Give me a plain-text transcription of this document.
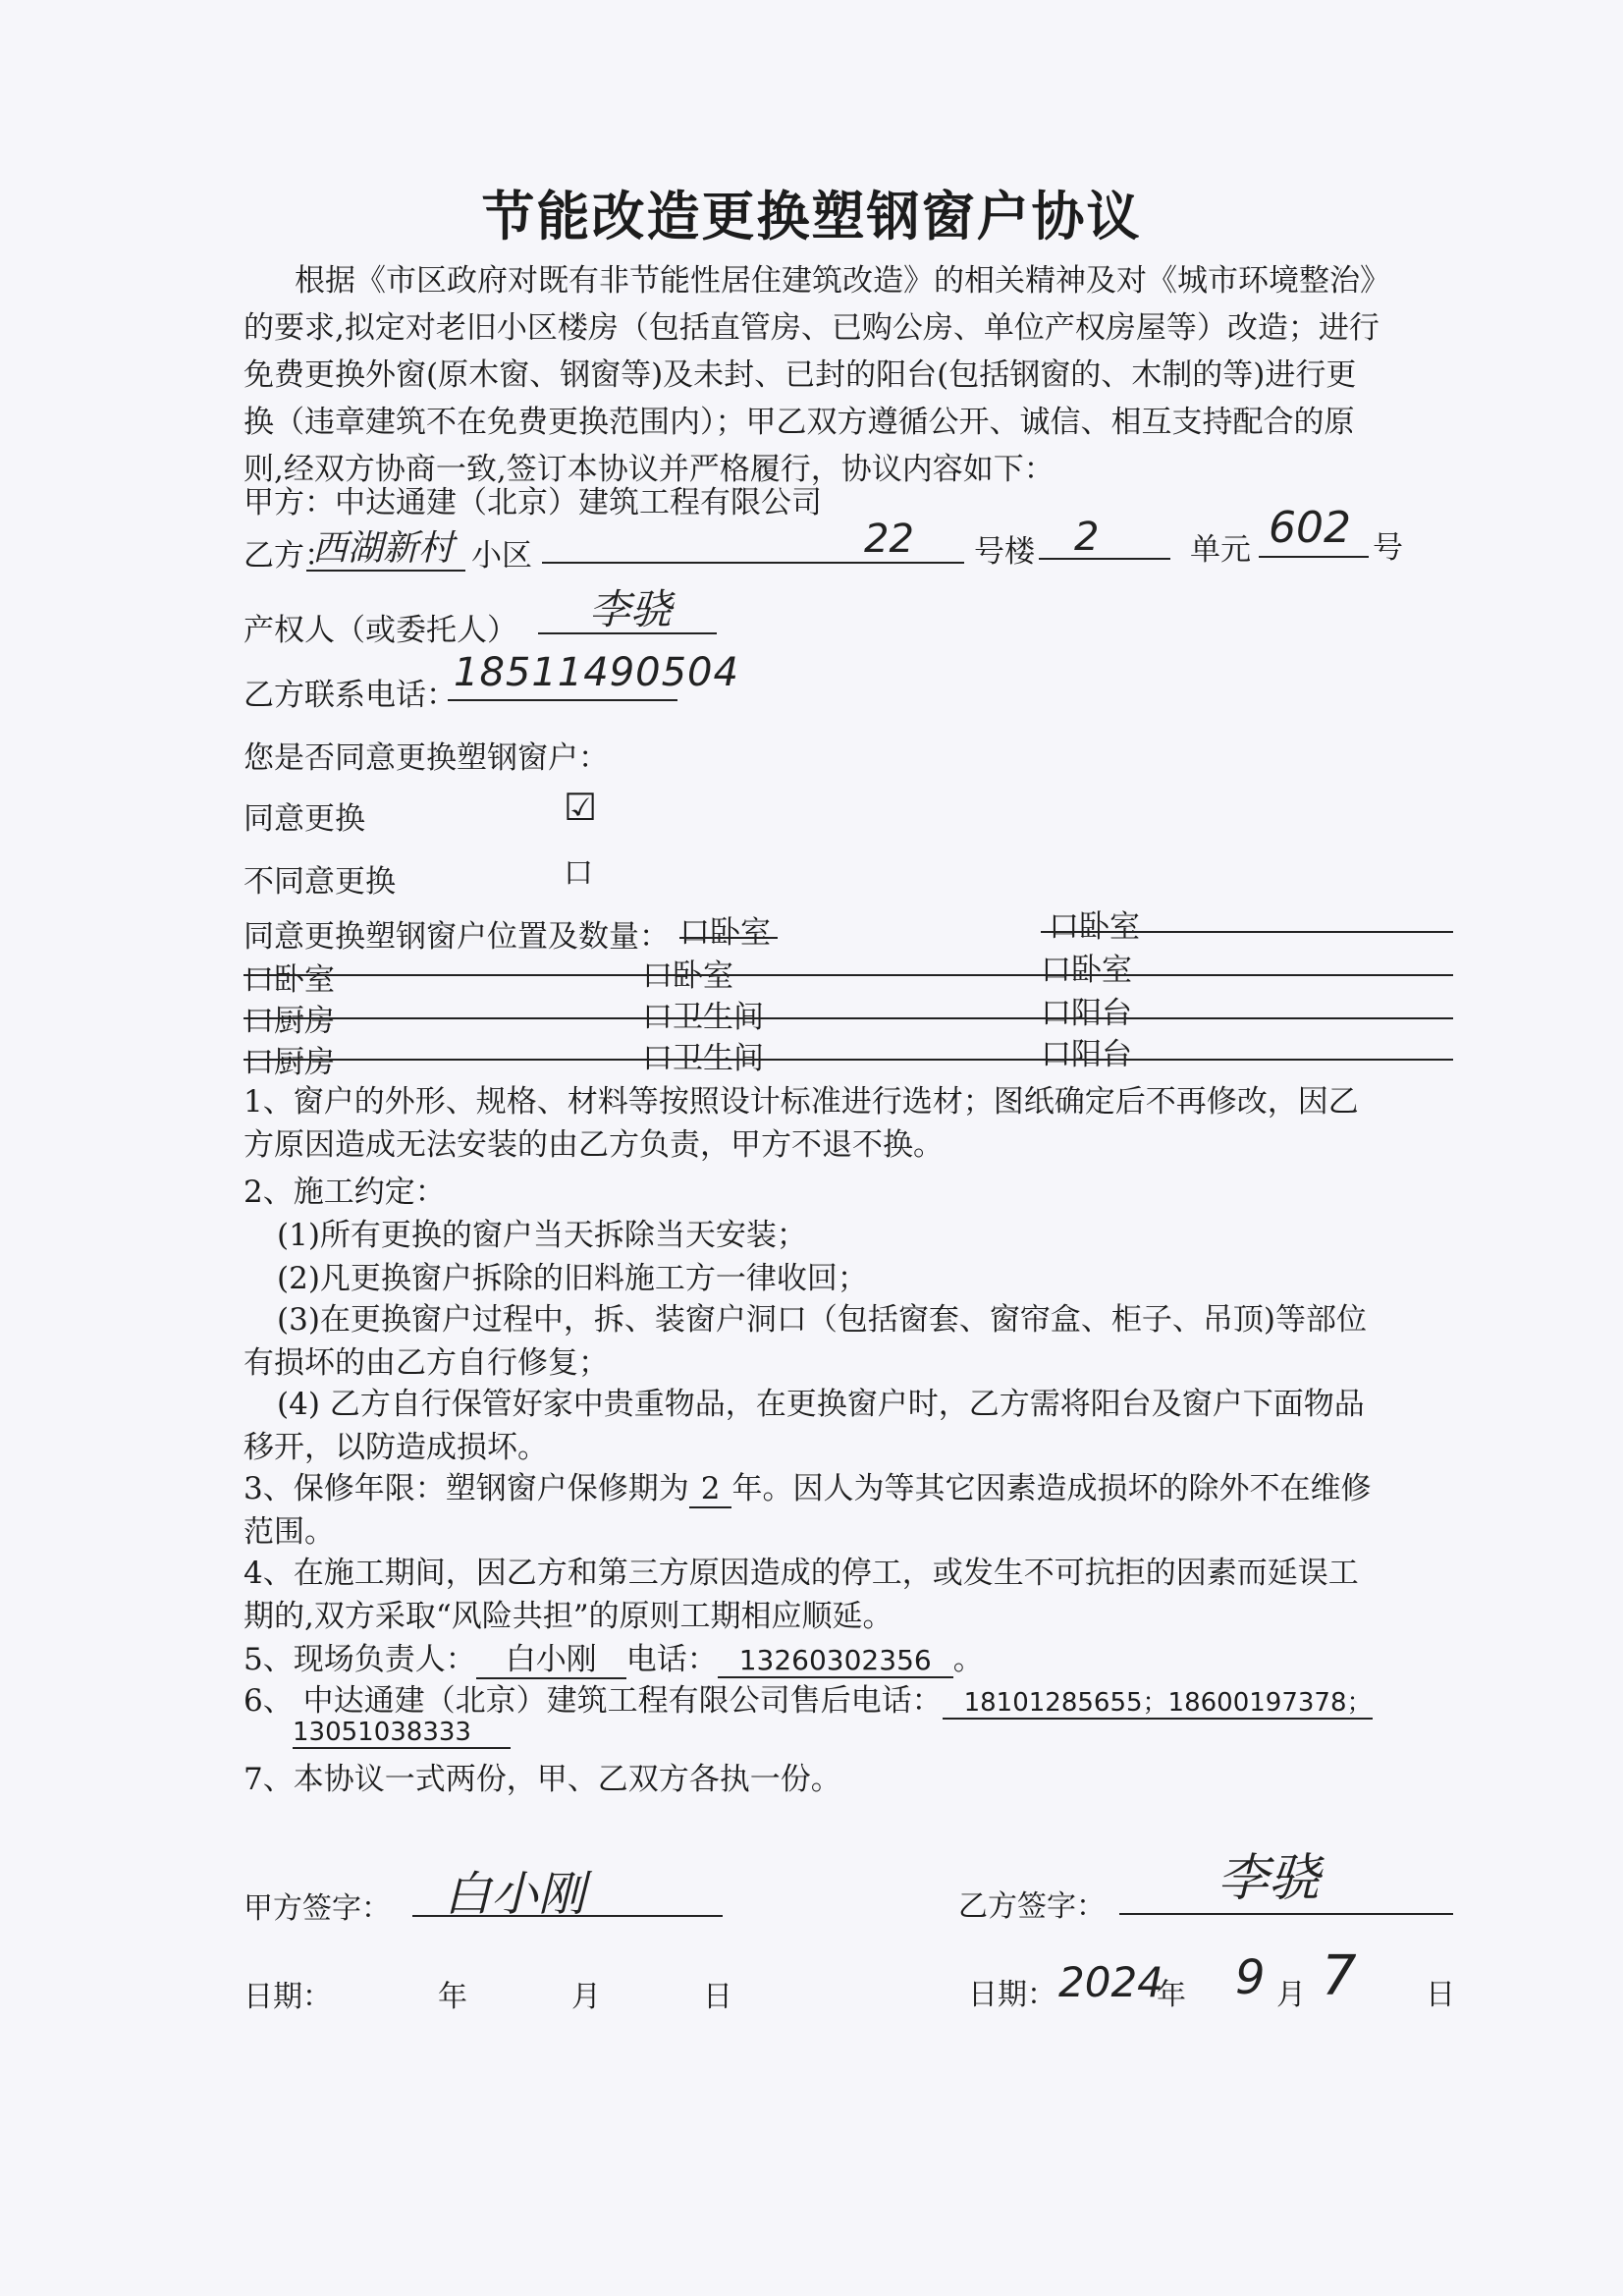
节能改造更换塑钢窗户协议
根据《市区政府对既有非节能性居住建筑改造》的相关精神及对《城市环境整治》
的要求,拟定对老旧小区楼房（包括直管房、已购公房、单位产权房屋等）改造；进行
免费更换外窗(原木窗、钢窗等)及未封、已封的阳台(包括钢窗的、木制的等)进行更
换（违章建筑不在免费更换范围内）；甲乙双方遵循公开、诚信、相互支持配合的原
则,经双方协商一致,签订本协议并严格履行，协议内容如下：
甲方：中达通建（北京）建筑工程有限公司
乙方：
西湖新村 小区	22 号楼 2	单元 602 号
产权人（或委托人） 李骁
乙方联系电话：
18511490504
您是否同意更换塑钢窗户：
同意更换	☑
不同意更换	口
同意更换塑钢窗户位置及数量： 口卧室	口卧室
口卧室	口卧室	口卧室
口厨房	口卫生间	口阳台
口厨房	口卫生间	口阳台
1、窗户的外形、规格、材料等按照设计标准进行选材；图纸确定后不再修改，因乙
方原因造成无法安装的由乙方负责，甲方不退不换。
2、施工约定：
(1)所有更换的窗户当天拆除当天安装；
(2)凡更换窗户拆除的旧料施工方一律收回；
(3)在更换窗户过程中，拆、装窗户洞口（包括窗套、窗帘盒、柜子、吊顶)等部位
有损坏的由乙方自行修复；
(4) 乙方自行保管好家中贵重物品，在更换窗户时，乙方需将阳台及窗户下面物品
移开，以防造成损坏。
3、保修年限：塑钢窗户保修期为 2 年。因人为等其它因素造成损坏的除外不在维修
范围。
4、在施工期间，因乙方和第三方原因造成的停工，或发生不可抗拒的因素而延误工
期的,双方采取“风险共担”的原则工期相应顺延。
5、现场负责人： 白小刚 电话： 13260302356 。
6、 中达通建（北京）建筑工程有限公司售后电话： 18101285655；18600197378；
13051038333
7、本协议一式两份，甲、乙双方各执一份。
甲方签字： 白小刚	乙方签字： 李骁
日期：	年	月	日	日期： 2024
年 9 月 7 日
